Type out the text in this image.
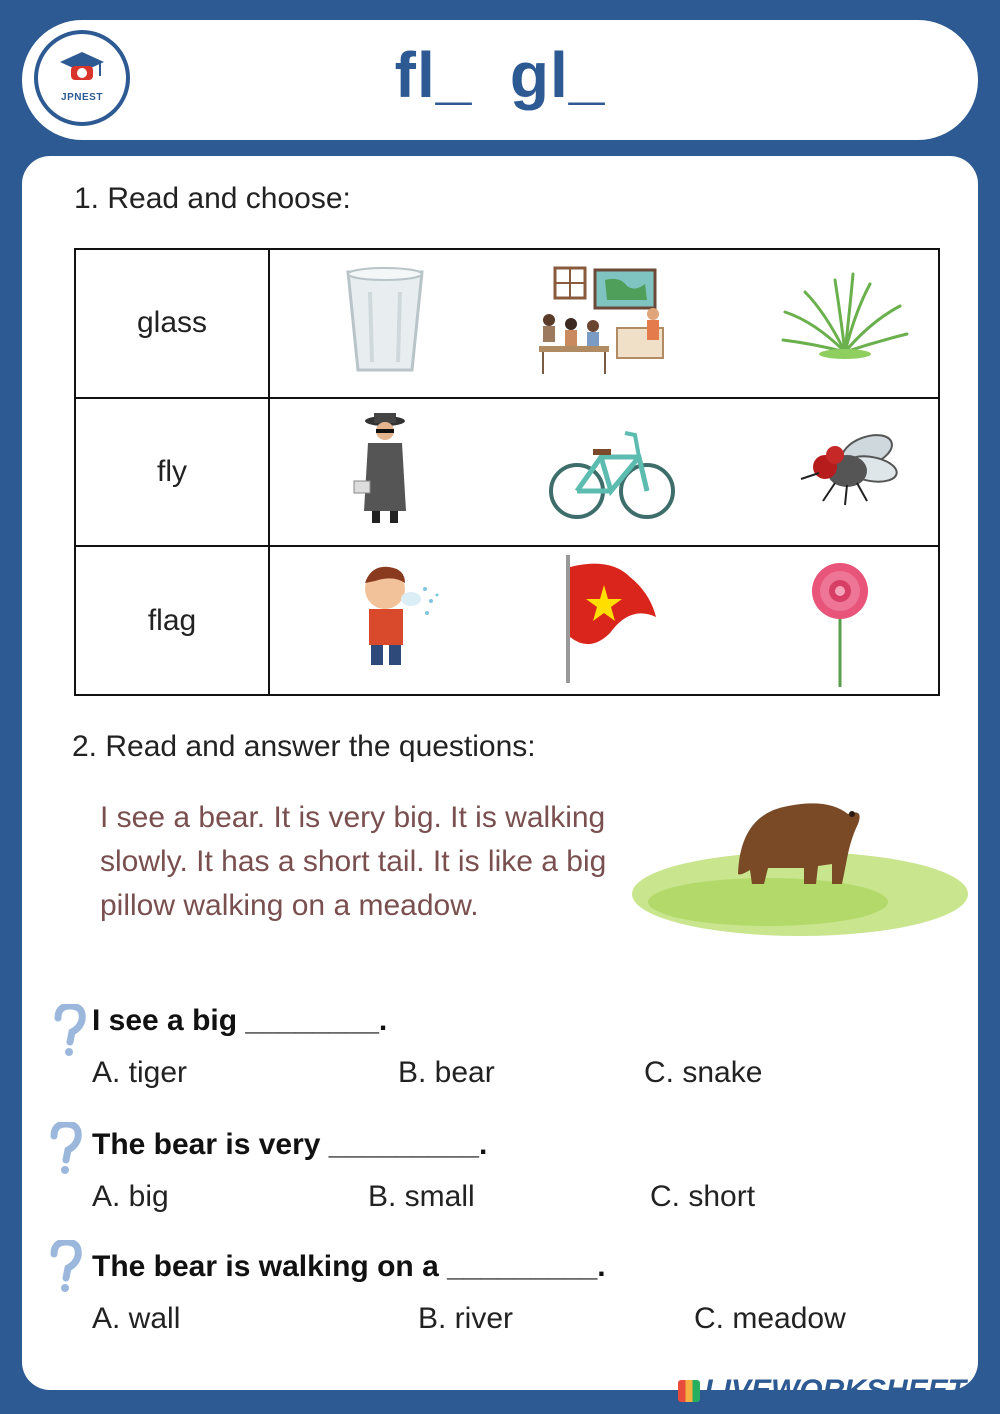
JPNEST	fl_  gl_
1. Read and choose:
glass	

fly	

flag	
2. Read and answer the questions:
I see a bear. It is very big. It is walking slowly. It has a short tail. It is like a big pillow walking on a meadow.
I see a big ________.
A. tiger	B. bear	C. snake
The bear is very _________.
A. big	B. small	C. short
The bear is walking on a _________.
A. wall	B. river	C. meadow
LIVEWORKSHEETS
